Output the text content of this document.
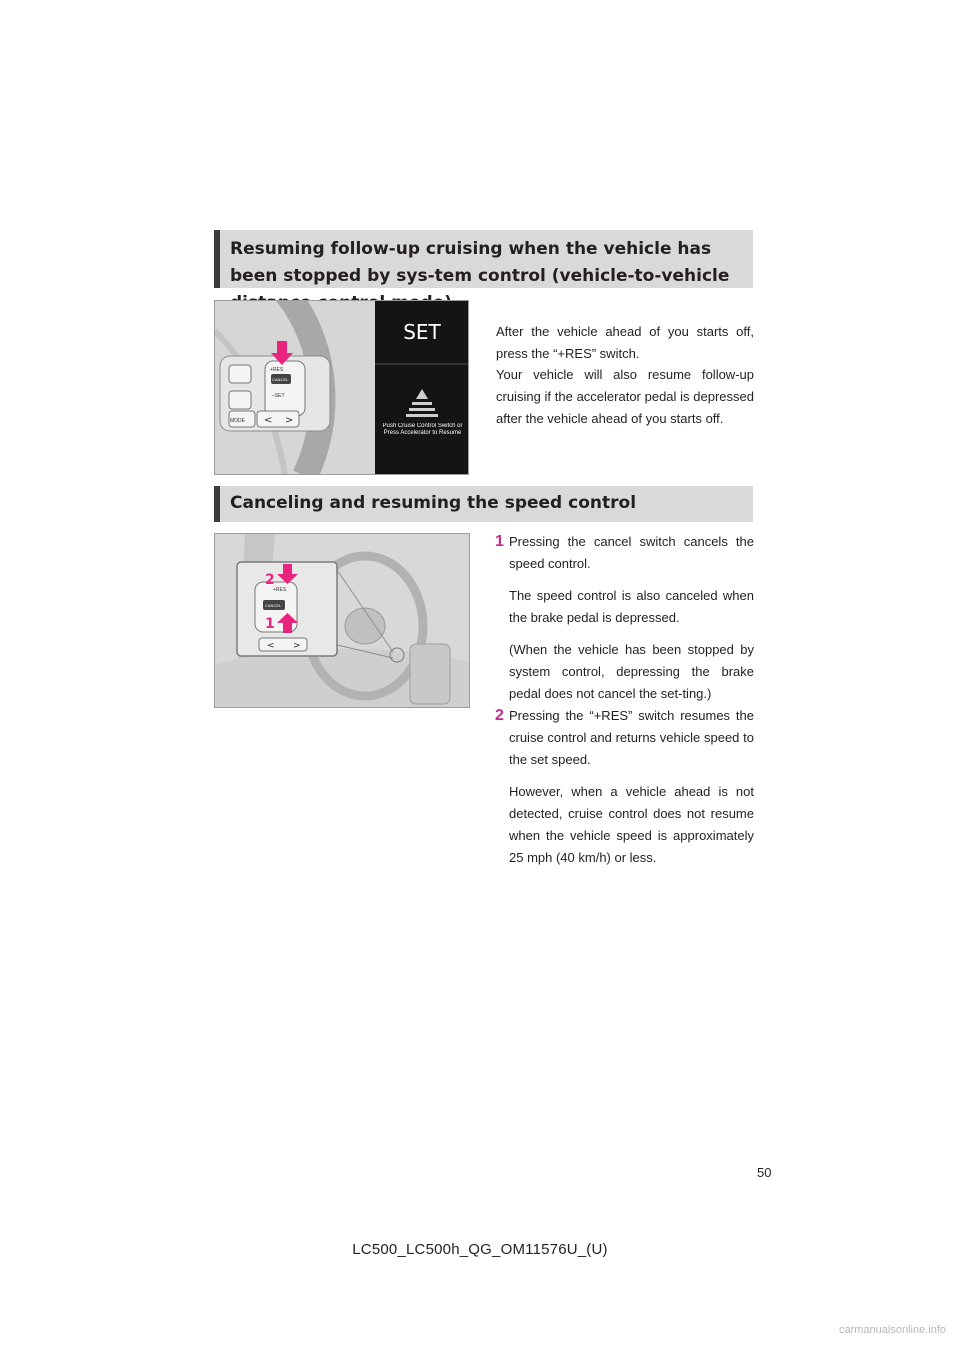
Resuming follow-up cruising when the vehicle has been stopped by sys-tem control (vehicle-to-vehicle
+RES
CANCEL
–SET
MODE < >
SET
Push Cruise Control Switch or Press Accelerator to Resume

After the vehicle ahead of you starts off, press the “+RES” switch.

Your vehicle will also resume follow-up cruising if the accelerator pedal is depressed after the vehicle ahead of you starts off.

Canceling and resuming the speed control
+RES
CANCEL
< >
2
1
1 Pressing the cancel switch cancels the speed control.

The speed control is also canceled when the brake pedal is depressed.

(When the vehicle has been stopped by system control, depressing the brake pedal does not cancel the set-ting.)

2 Pressing the “+RES” switch resumes the cruise control and returns vehicle speed to the set speed.

However, when a vehicle ahead is not detected, cruise control does not resume when the vehicle speed is approximately 25 mph (40 km/h) or less.

50
LC500_LC500h_QG_OM11576U_(U)
carmanualsonline.info
